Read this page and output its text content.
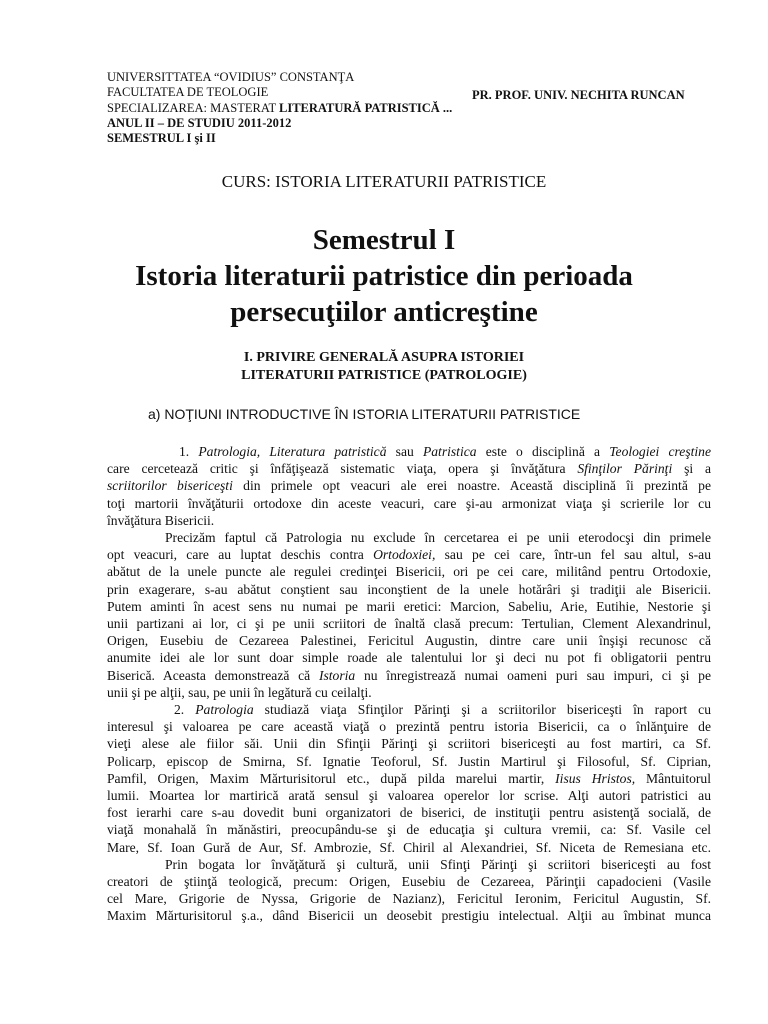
UNIVERSITTATEA “OVIDIUS” CONSTANŢA
FACULTATEA DE TEOLOGIE
SPECIALIZAREA: MASTERAT LITERATURĂ PATRISTICĂ ...
ANUL II – DE STUDIU 2011-2012
SEMESTRUL I şi II
PR. PROF. UNIV. NECHITA RUNCAN
CURS: ISTORIA LITERATURII PATRISTICE
Semestrul I
Istoria literaturii patristice din perioada
persecuţiilor anticreştine
I. PRIVIRE GENERALĂ ASUPRA ISTORIEI
LITERATURII PATRISTICE (PATROLOGIE)
a) NOŢIUNI INTRODUCTIVE ÎN ISTORIA LITERATURII PATRISTICE
1. Patrologia, Literatura patristică sau Patristica este o disciplină a Teologiei creştine
care cercetează critic şi înfăţişează sistematic viaţa, opera şi învăţătura Sfinţilor Părinţi şi a
scriitorilor bisericeşti din primele opt veacuri ale erei noastre. Această disciplină îi prezintă pe
toţi martorii învăţăturii ortodoxe din aceste veacuri, care şi-au armonizat viaţa şi scrierile lor cu
învăţătura Bisericii.
Precizăm faptul că Patrologia nu exclude în cercetarea ei pe unii eterodocşi din primele
opt veacuri, care au luptat deschis contra Ortodoxiei, sau pe cei care, într-un fel sau altul, s-au
abătut de la unele puncte ale regulei credinţei Bisericii, ori pe cei care, militând pentru Ortodoxie,
prin exagerare, s-au abătut conştient sau inconştient de la unele hotărâri şi tradiţii ale Bisericii.
Putem aminti în acest sens nu numai pe marii eretici: Marcion, Sabeliu, Arie, Eutihie, Nestorie şi
unii partizani ai lor, ci şi pe unii scriitori de înaltă clasă precum: Tertulian, Clement Alexandrinul,
Origen, Eusebiu de Cezareea Palestinei, Fericitul Augustin, dintre care unii înşişi recunosc că
anumite idei ale lor sunt doar simple roade ale talentului lor şi deci nu pot fi obligatorii pentru
Biserică. Aceasta demonstrează că Istoria nu înregistrează numai oameni puri sau impuri, ci şi pe
unii şi pe alţii, sau, pe unii în legătură cu ceilalţi.
2. Patrologia studiază viaţa Sfinţilor Părinţi şi a scriitorilor bisericeşti în raport cu
interesul şi valoarea pe care această viaţă o prezintă pentru istoria Bisericii, ca o înlănţuire de
vieţi alese ale fiilor săi. Unii din Sfinţii Părinţi şi scriitori bisericeşti au fost martiri, ca Sf.
Policarp, episcop de Smirna, Sf. Ignatie Teoforul, Sf. Justin Martirul şi Filosoful, Sf. Ciprian,
Pamfil, Origen, Maxim Mărturisitorul etc., după pilda marelui martir, Iisus Hristos, Mântuitorul
lumii. Moartea lor martirică arată sensul şi valoarea operelor lor scrise. Alţi autori patristici au
fost ierarhi care s-au dovedit buni organizatori de biserici, de instituţii pentru asistenţă socială, de
viaţă monahală în mănăstiri, preocupându-se şi de educaţia şi cultura vremii, ca: Sf. Vasile cel
Mare, Sf. Ioan Gură de Aur, Sf. Ambrozie, Sf. Chiril al Alexandriei, Sf. Niceta de Remesiana etc.
Prin bogata lor învăţătură şi cultură, unii Sfinţi Părinţi şi scriitori bisericeşti au fost
creatori de ştiinţă teologică, precum: Origen, Eusebiu de Cezareea, Părinţii capadocieni (Vasile
cel Mare, Grigorie de Nyssa, Grigorie de Nazianz), Fericitul Ieronim, Fericitul Augustin, Sf.
Maxim Mărturisitorul ş.a., dând Bisericii un deosebit prestigiu intelectual. Alţii au îmbinat munca
